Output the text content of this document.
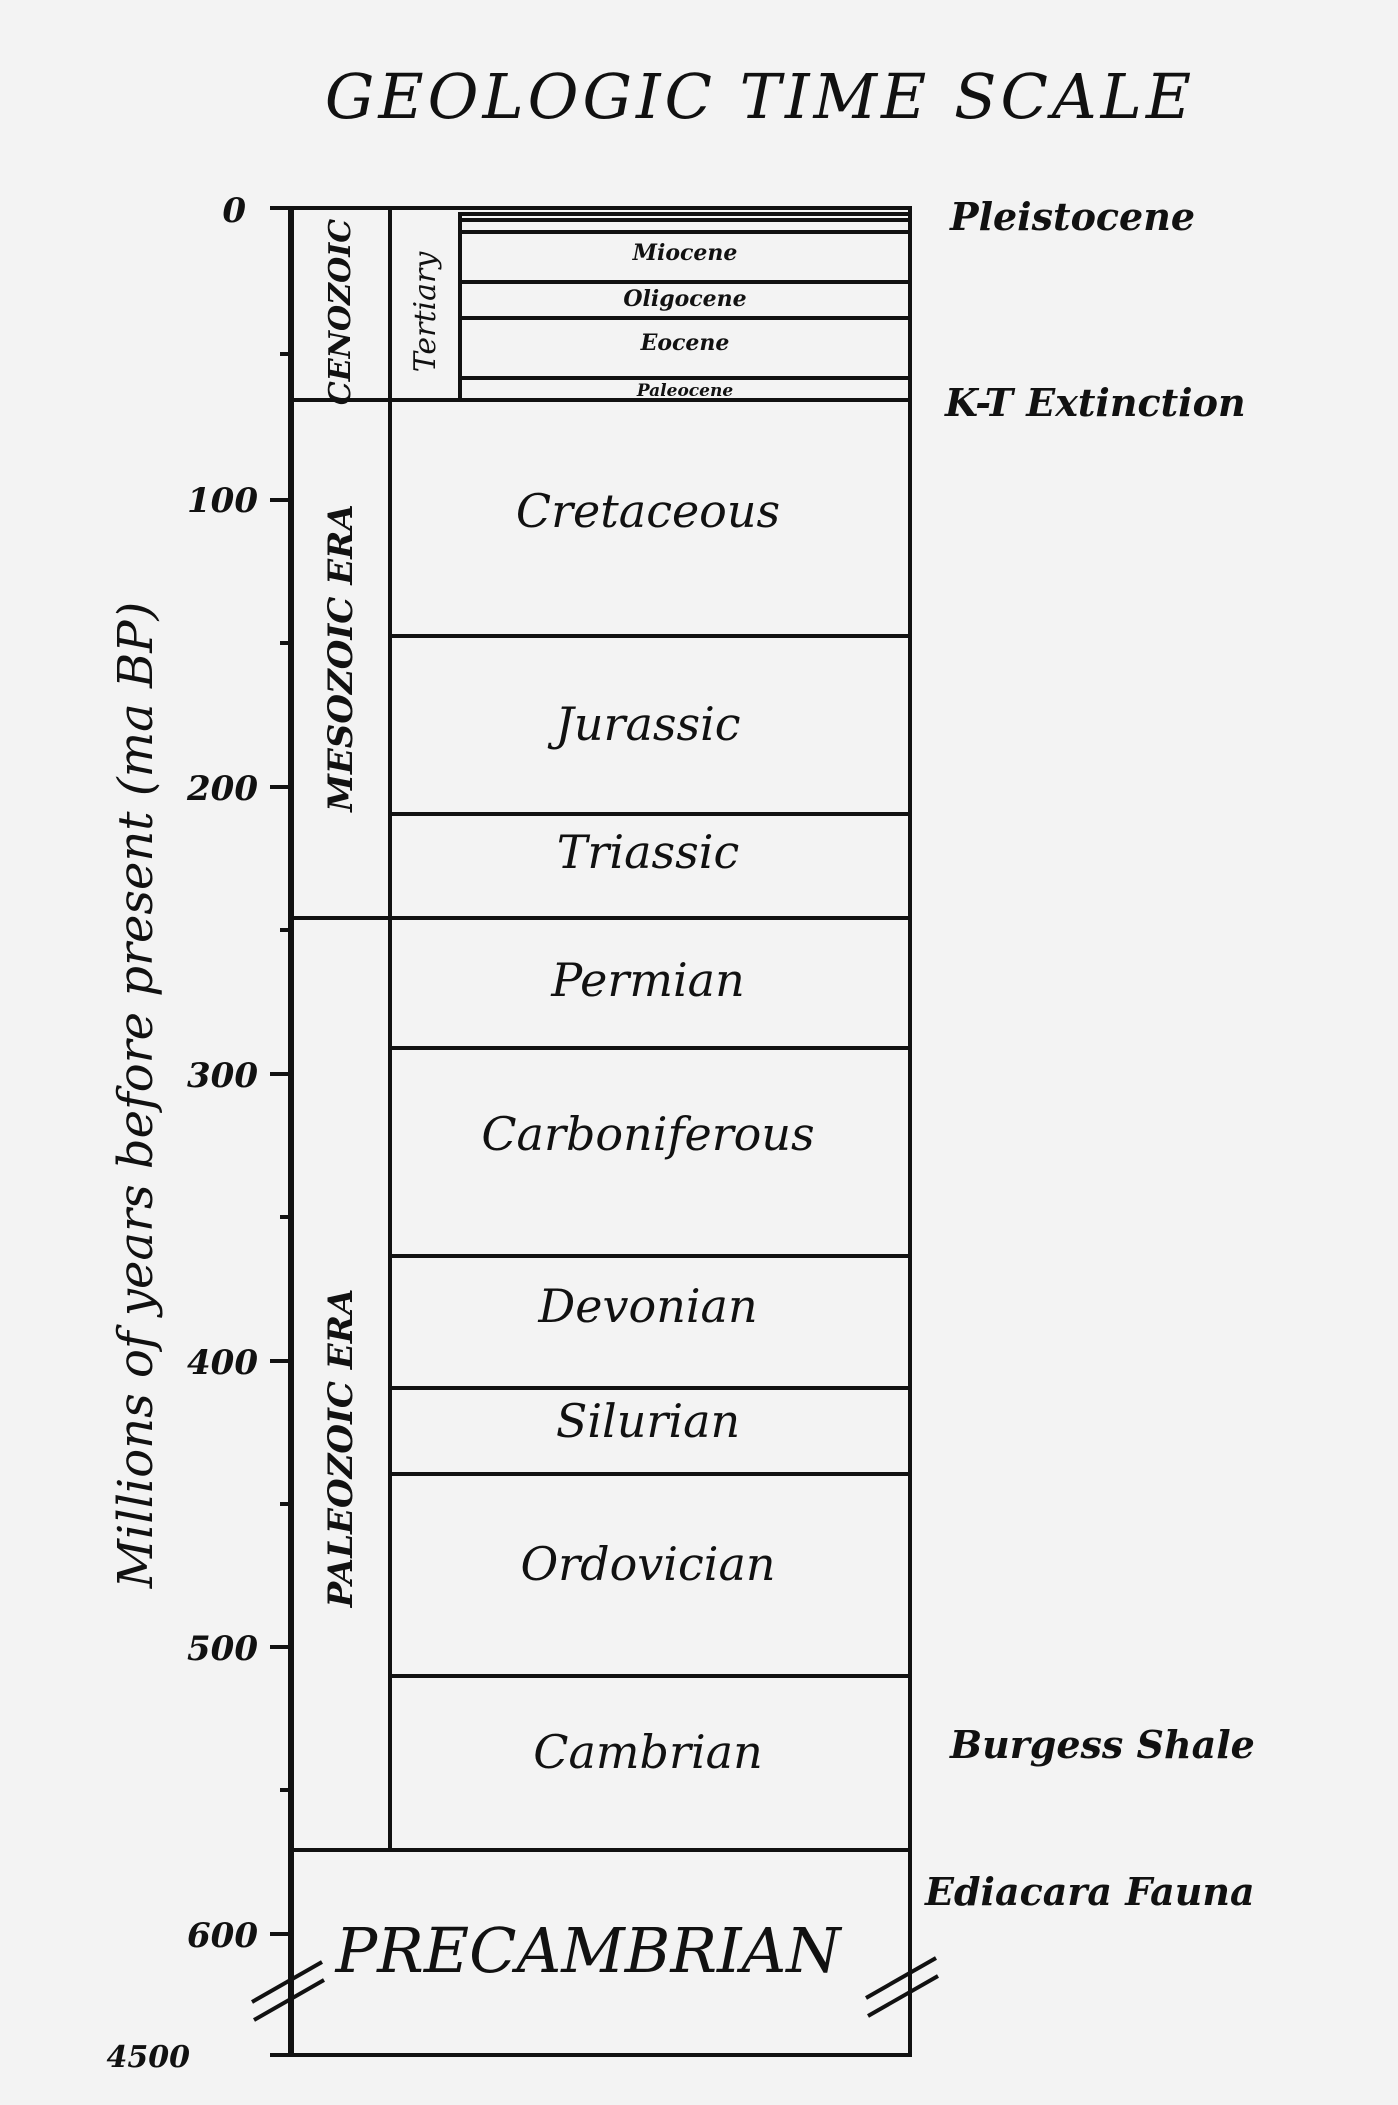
GEOLOGIC TIME SCALE
Millions of years before present (ma BP)
0
100
200
300
400
500
600
4500
CENOZOIC
MESOZOIC ERA
PALEOZOIC ERA
Tertiary	Miocene
Oligocene
Eocene
Paleocene
Cretaceous
Jurassic
Triassic
Permian
Carboniferous
Devonian
Silurian
Ordovician
Cambrian
PRECAMBRIAN
Pleistocene
K-T Extinction
Burgess Shale
Ediacara Fauna
